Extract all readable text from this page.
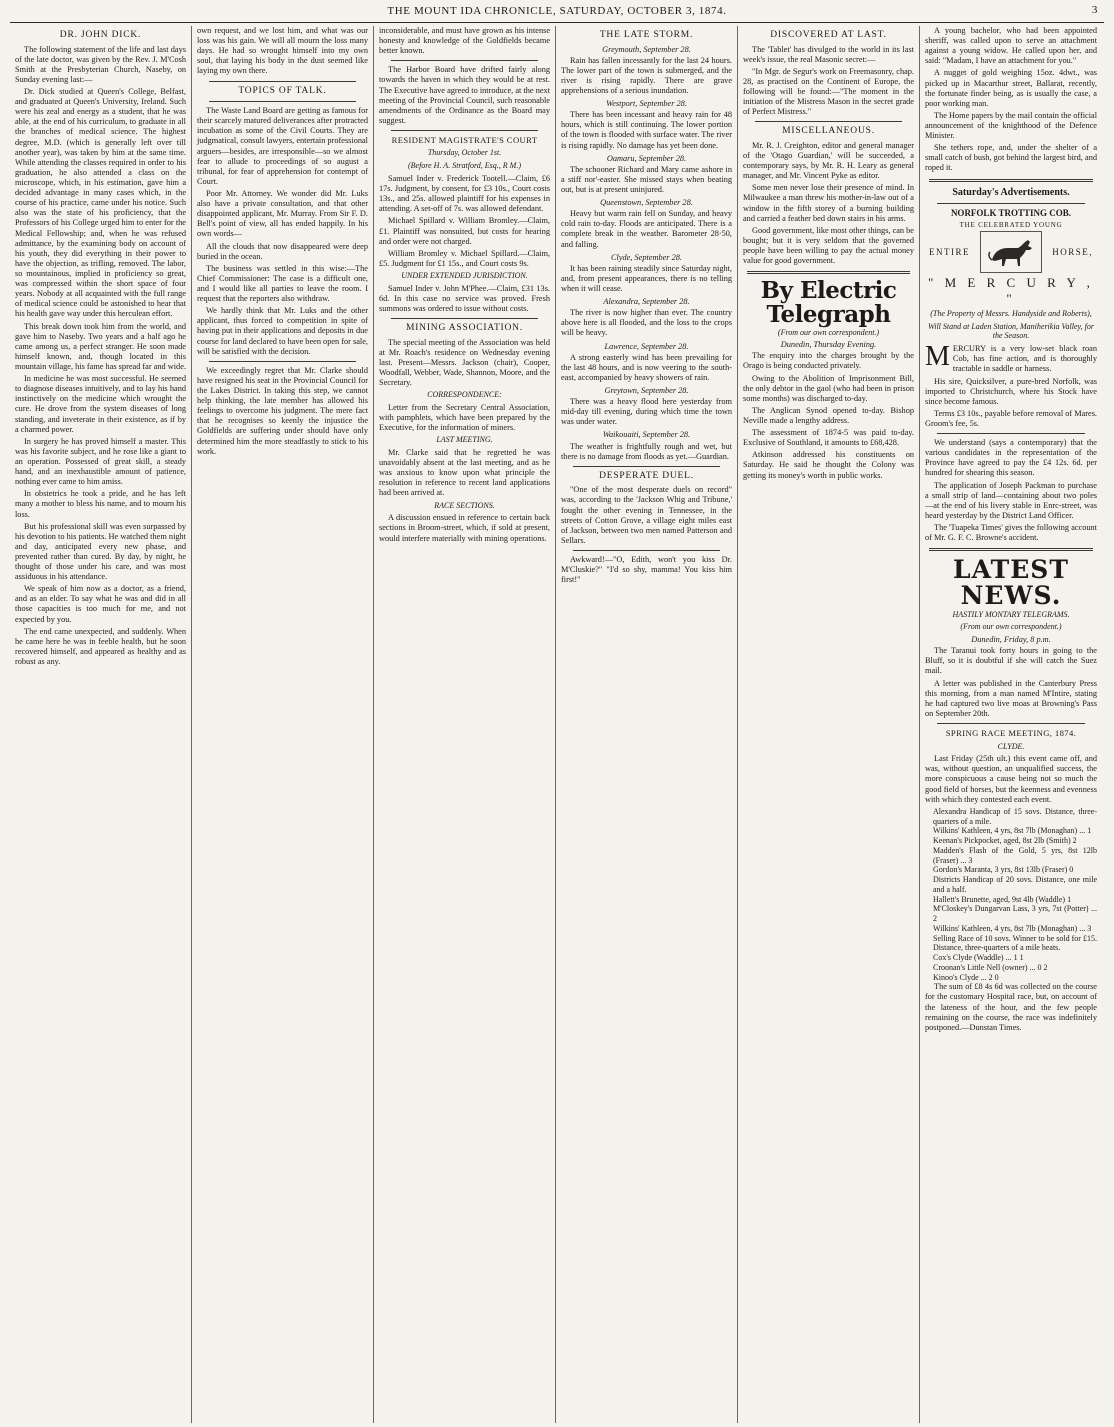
THE MOUNT IDA CHRONICLE, SATURDAY, OCTOBER 3, 1874.	3
DR. JOHN DICK.

The following statement of the life and last days of the late doctor, was given by the Rev. J. M'Cosh Smith at the Presbyterian Church, Naseby, on Sunday evening last:—

Dr. Dick studied at Queen's College, Belfast, and graduated at Queen's University, Ireland. Such were his zeal and energy as a student, that he was able, at the end of his curriculum, to graduate in all the branches of medical science. The highest degree, M.D. (which is generally left over till another year), was taken by him at the same time. While attending the classes required in order to his graduation, he also attended a class on the microscope, which, in his estimation, gave him a decided advantage in many cases which, in the course of his practice, came under his notice. Such also was the state of his proficiency, that the Professors of his College urged him to enter for the Medical Fellowship; and, when he was refused admittance, by the examining body on account of his youth, they did everything in their power to have the objection, as trifling, removed. The labor, so mountainous, implied in proficiency so great, was compressed within the short space of four years. Nobody at all acquainted with the full range of medical science could be astonished to hear that his health gave way under this herculean effort.

This break down took him from the world, and gave him to Naseby. Two years and a half ago he came among us, a perfect stranger. He soon made himself known, and, though located in this mountain village, his fame has spread far and wide.

In medicine he was most successful. He seemed to diagnose diseases intuitively, and to lay his hand instinctively on the medicine which wrought the cure. He drove from the system diseases of long standing, and inveterate in their existence, as if by a charmed power.

In surgery he has proved himself a master. This was his favorite subject, and he rose like a giant to an operation. Possessed of great skill, a steady hand, and an inexhaustible amount of patience, nothing ever came to him amiss.

In obstetrics he took a pride, and he has left many a mother to bless his name, and to mourn his loss.

But his professional skill was even surpassed by his devotion to his patients. He watched them night and day, anticipated every new phase, and prevented rather than cured. By day, by night, he thought of those under his care, and was most assiduous in his attendance.

We speak of him now as a doctor, as a friend, and as an elder. To say what he was and did in all those capacities is too much for me, and not expected by you.

The end came unexpected, and suddenly. When he came here he was in feeble health, but he soon recovered himself, and appeared as healthy and as robust as any.

own request, and we lost him, and what was our loss was his gain. We will all mourn the loss many days. He had so wrought himself into my own soul, that laying his body in the dust seemed like laying my own there.

TOPICS OF TALK.

The Waste Land Board are getting as famous for their scarcely matured deliverances after protracted incubation as some of the Civil Courts. They are judgmatical, consult lawyers, entertain professional arguers—besides, are irresponsible—so we almost fear to allude to proceedings of so august a tribunal, for fear of apprehension for contempt of Court.

Poor Mr. Attorney. We wonder did Mr. Luks also have a private consultation, and that other disappointed applicant, Mr. Murray. From Sir F. D. Bell's point of view, all has ended happily. In his own words—

All the clouds that now disappeared were deep buried in the ocean.

The business was settled in this wise:—The Chief Commissioner: The case is a difficult one, and I would like all parties to leave the room. I request that the reporters also withdraw.

We hardly think that Mr. Luks and the other applicant, thus forced to competition in spite of having put in their applications and deposits in due course for land declared to have been open for sale, will be satisfied with the decision.

We exceedingly regret that Mr. Clarke should have resigned his seat in the Provincial Council for the Lakes District. In taking this step, we cannot help thinking, the late member has allowed his feelings to overcome his judgment. The mere fact that he recognises so keenly the injustice the Goldfields are suffering under should have only determined him the more steadfastly to stick to his work.

inconsiderable, and must have grown as his intense honesty and knowledge of the Goldfields became better known.

The Harbor Board have drifted fairly along towards the haven in which they would be at rest. The Executive have agreed to introduce, at the next meeting of the Provincial Council, such reasonable amendments of the Ordinance as the Board may suggest.

RESIDENT MAGISTRATE'S COURT
Thursday, October 1st.
(Before H. A. Stratford, Esq., R M.)

Samuel Inder v. Frederick Tootell.—Claim, £6 17s. Judgment, by consent, for £3 10s., Court costs 13s., and 25s. allowed plaintiff for his expenses in attending. A set-off of 7s. was allowed defendant.

Michael Spillard v. William Bromley.—Claim, £1. Plaintiff was nonsuited, but costs for hearing and order were not charged.

William Bromley v. Michael Spillard.—Claim, £5. Judgment for £1 15s., and Court costs 9s.

UNDER EXTENDED JURISDICTION.

Samuel Inder v. John M'Phee.—Claim, £31 13s. 6d. In this case no service was proved. Fresh summons was ordered to issue without costs.

MINING ASSOCIATION.

The special meeting of the Association was held at Mr. Roach's residence on Wednesday evening last. Present—Messrs. Jackson (chair), Cooper, Woodfall, Webber, Wade, Shannon, Moore, and the Secretary.

CORRESPONDENCE:

Letter from the Secretary Central Association, with pamphlets, which have been prepared by the Executive, for the information of miners.

LAST MEETING.

Mr. Clarke said that he regretted he was unavoidably absent at the last meeting, and as he was anxious to know upon what principle the resolution in reference to recent land applications had been arrived at.

RACE SECTIONS.

A discussion ensued in reference to certain back sections in Broom-street, which, if sold at present, would interfere materially with mining operations.

THE LATE STORM.
Greymouth, September 28.

Rain has fallen incessantly for the last 24 hours. The lower part of the town is submerged, and the river is rising rapidly. There are grave apprehensions of a serious inundation.

Westport, September 28.

There has been incessant and heavy rain for 48 hours, which is still continuing. The lower portion of the town is flooded with surface water. The river is rising rapidly. No damage has yet been done.

Oamaru, September 28.

The schooner Richard and Mary came ashore in a stiff nor'-easter. She missed stays when beating out, but is at present uninjured.

Queenstown, September 28.

Heavy but warm rain fell on Sunday, and heavy cold rain to-day. Floods are anticipated. There is a complete break in the weather. Barometer 28·50, and falling.

Clyde, September 28.

It has been raining steadily since Saturday night, and, from present appearances, there is no telling when it will cease.

Alexandra, September 28.

The river is now higher than ever. The country above here is all flooded, and the loss to the crops will be heavy.

Lawrence, September 28.

A strong easterly wind has been prevailing for the last 48 hours, and is now veering to the south-east, accompanied by heavy showers of rain.

Greytown, September 28.

There was a heavy flood here yesterday from mid-day till evening, during which time the town was under water.

Waikouaiti, September 28.

The weather is frightfully rough and wet, but there is no damage from floods as yet.—Guardian.

DESPERATE DUEL.

"One of the most desperate duels on record" was, according to the 'Jackson Whig and Tribune,' fought the other evening in Tennessee, in the streets of Cotton Grove, a village eight miles east of Jackson, between two men named Patterson and Sellars.

Awkward!—"O, Edith, won't you kiss Dr. M'Cluskie?" "I'd so shy, mamma! You kiss him first!"

DISCOVERED AT LAST.

The 'Tablet' has divulged to the world in its last week's issue, the real Masonic secret:—

"In Mgr. de Segur's work on Freemasonry, chap. 28, as practised on the Continent of Europe, the following will be found:—"The moment in the initiation of the Mistress Mason in the secret grade of Perfect Mistress."

MISCELLANEOUS.

Mr. R. J. Creighton, editor and general manager of the 'Otago Guardian,' will be succeeded, a contemporary says, by Mr. R. H. Leary as general manager, and Mr. Vincent Pyke as editor.

Some men never lose their presence of mind. In Milwaukee a man threw his mother-in-law out of a window in the fifth storey of a burning building and carried a feather bed down stairs in his arms.

Good government, like most other things, can be bought; but it is very seldom that the governed people have been willing to pay the actual money value for good government.

By Electric Telegraph
(From our own correspondent.)
Dunedin, Thursday Evening.

The enquiry into the charges brought by the Orago is being conducted privately.

Owing to the Abolition of Imprisonment Bill, the only debtor in the gaol (who had been in prison some months) was discharged to-day.

The Anglican Synod opened to-day. Bishop Neville made a lengthy address.

The assessment of 1874-5 was paid to-day. Exclusive of Southland, it amounts to £68,428.

Atkinson addressed his constituents on Saturday. He said he thought the Colony was getting its money's worth in public works.

A young bachelor, who had been appointed sheriff, was called upon to serve an attachment against a young widow. He called upon her, and said: "Madam, I have an attachment for you."

A nugget of gold weighing 15oz. 4dwt., was picked up in Macarthur street, Ballarat, recently, the fortunate finder being, as is usually the case, a poor working man.

The Home papers by the mail contain the official announcement of the knighthood of the Defence Minister.

She tethers rope, and, under the shelter of a small catch of bush, got behind the largest bird, and roped it.

Saturday's Advertisements.
NORFOLK TROTTING COB.
THE CELEBRATED YOUNG
ENTIRE	HORSE,
" M E R C U R Y , "
(The Property of Messrs. Handyside and Roberts),
Will Stand at Laden Station, Maniherikia Valley, for the Season.

MERCURY is a very low-set black roan Cob, has fine action, and is thoroughly tractable in saddle or harness.

His sire, Quicksilver, a pure-bred Norfolk, was imported to Christchurch, where his Stock have since become famous.

Terms £3 10s., payable before removal of Mares. Groom's fee, 5s.

We understand (says a contemporary) that the various candidates in the representation of the Province have agreed to pay the £4 12s. 6d. per hundred for shearing this season.

The application of Joseph Packman to purchase a small strip of land—containing about two poles—at the end of his livery stable in Enrc-street, was heard yesterday by the District Land Officer.

The 'Tuapeka Times' gives the following account of Mr. G. F. C. Browne's accident.

LATEST NEWS.
HASTILY MONTARY TELEGRAMS.
(From our own correspondent.)
Dunedin, Friday, 8 p.m.

The Taranui took forty hours in going to the Bluff, so it is doubtful if she will catch the Suez mail.

A letter was published in the Canterbury Press this morning, from a man named M'Intire, stating he had captured two live moas at Browning's Pass on September 20th.

SPRING RACE MEETING, 1874.
CLYDE.

Last Friday (25th ult.) this event came off, and was, without question, an unqualified success, the more conspicuous a cause being not so much the good field of horses, but the keenness and evenness with which they contested each event.

Alexandra Handicap of 15 sovs. Distance, three-quarters of a mile.
Wilkins' Kathleen, 4 yrs, 8st 7lb (Monaghan) ... 1
Keenan's Pickpocket, aged, 8st 2lb (Smith) 2
Madden's Flash of the Gold, 5 yrs, 8st 12lb (Fraser) ... 3
Gordon's Maranta, 3 yrs, 8st 13lb (Fraser) 0
Districts Handicap of 20 sovs. Distance, one mile and a half.
Hallett's Brunette, aged, 9st 4lb (Waddle) 1
M'Closkey's Dungarvan Lass, 3 yrs, 7st (Potter) ... 2
Wilkins' Kathleen, 4 yrs, 8st 7lb (Monaghan) ... 3
Selling Race of 10 sovs. Winner to be sold for £15. Distance, three-quarters of a mile heats.
Cox's Clyde (Waddle) ... 1 1
Croonan's Little Nell (owner) ... 0 2
Kinoo's Clyde ... 2 0

The sum of £8 4s 6d was collected on the course for the customary Hospital race, but, on account of the lateness of the hour, and the few people remaining on the course, the race was indefinitely postponed.—Dunstan Times.
